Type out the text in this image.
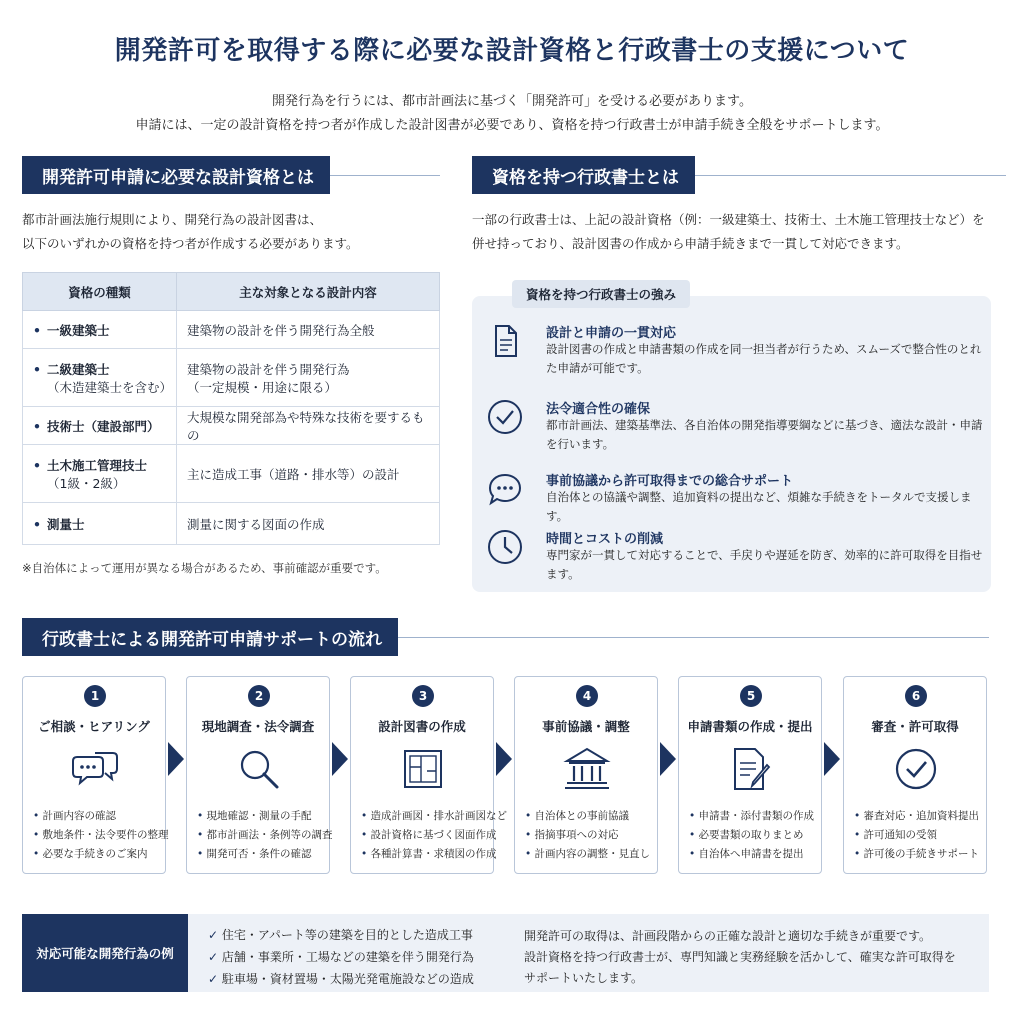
開発許可を取得する際に必要な設計資格と行政書士の支援について
開発行為を行うには、都市計画法に基づく「開発許可」を受ける必要があります。
申請には、一定の設計資格を持つ者が作成した設計図書が必要であり、資格を持つ行政書士が申請手続き全般をサポートします。
開発許可申請に必要な設計資格とは
都市計画法施行規則により、開発行為の設計図書は、
以下のいずれかの資格を持つ者が作成する必要があります。
資格の種類	主な対象となる設計内容
• 一級建築士	建築物の設計を伴う開発行為全般
• 二級建築士
（木造建築士を含む）	建築物の設計を伴う開発行為
（一定規模・用途に限る）

• 技術士（建設部門）	大規模な開発部為や特殊な技術を要するもの
• 土木施工管理技士
（1級・2級）	主に造成工事（道路・排水等）の設計
• 測量士	測量に関する図面の作成
※自治体によって運用が異なる場合があるため、事前確認が重要です。
資格を持つ行政書士とは
一部の行政書士は、上記の設計資格（例：一級建築士、技術士、土木施工管理技士など）を
併せ持っており、設計図書の作成から申請手続きまで一貫して対応できます。
資格を持つ行政書士の強み
設計と申請の一貫対応
設計図書の作成と申請書類の作成を同一担当者が行うため、スムーズで整合性のとれた申請が可能です。
法令適合性の確保
都市計画法、建築基準法、各自治体の開発指導要綱などに基づき、適法な設計・申請を行います。
事前協議から許可取得までの総合サポート
自治体との協議や調整、追加資料の提出など、煩雑な手続きをトータルで支援します。
時間とコストの削減
専門家が一貫して対応することで、手戻りや遅延を防ぎ、効率的に許可取得を目指せます。
行政書士による開発許可申請サポートの流れ
1
ご相談・ヒアリング
• 計画内容の確認
• 敷地条件・法令要件の整理
• 必要な手続きのご案内
2
現地調査・法令調査
• 現地確認・測量の手配
• 都市計画法・条例等の調査
• 開発可否・条件の確認
3
設計図書の作成
• 造成計画図・排水計画図など
• 設計資格に基づく図面作成
• 各種計算書・求積図の作成
4
事前協議・調整
• 自治体との事前協議
• 指摘事項への対応
• 計画内容の調整・見直し
5
申請書類の作成・提出
• 申請書・添付書類の作成
• 必要書類の取りまとめ
• 自治体へ申請書を提出
6
審査・許可取得
• 審査対応・追加資料提出
• 許可通知の受領
• 許可後の手続きサポート
対応可能な開発行為の例
✓ 住宅・アパート等の建築を目的とした造成工事
✓ 店舗・事業所・工場などの建築を伴う開発行為
✓ 駐車場・資材置場・太陽光発電施設などの造成
開発許可の取得は、計画段階からの正確な設計と適切な手続きが重要です。
設計資格を持つ行政書士が、専門知識と実務経験を活かして、確実な許可取得を
サポートいたします。
